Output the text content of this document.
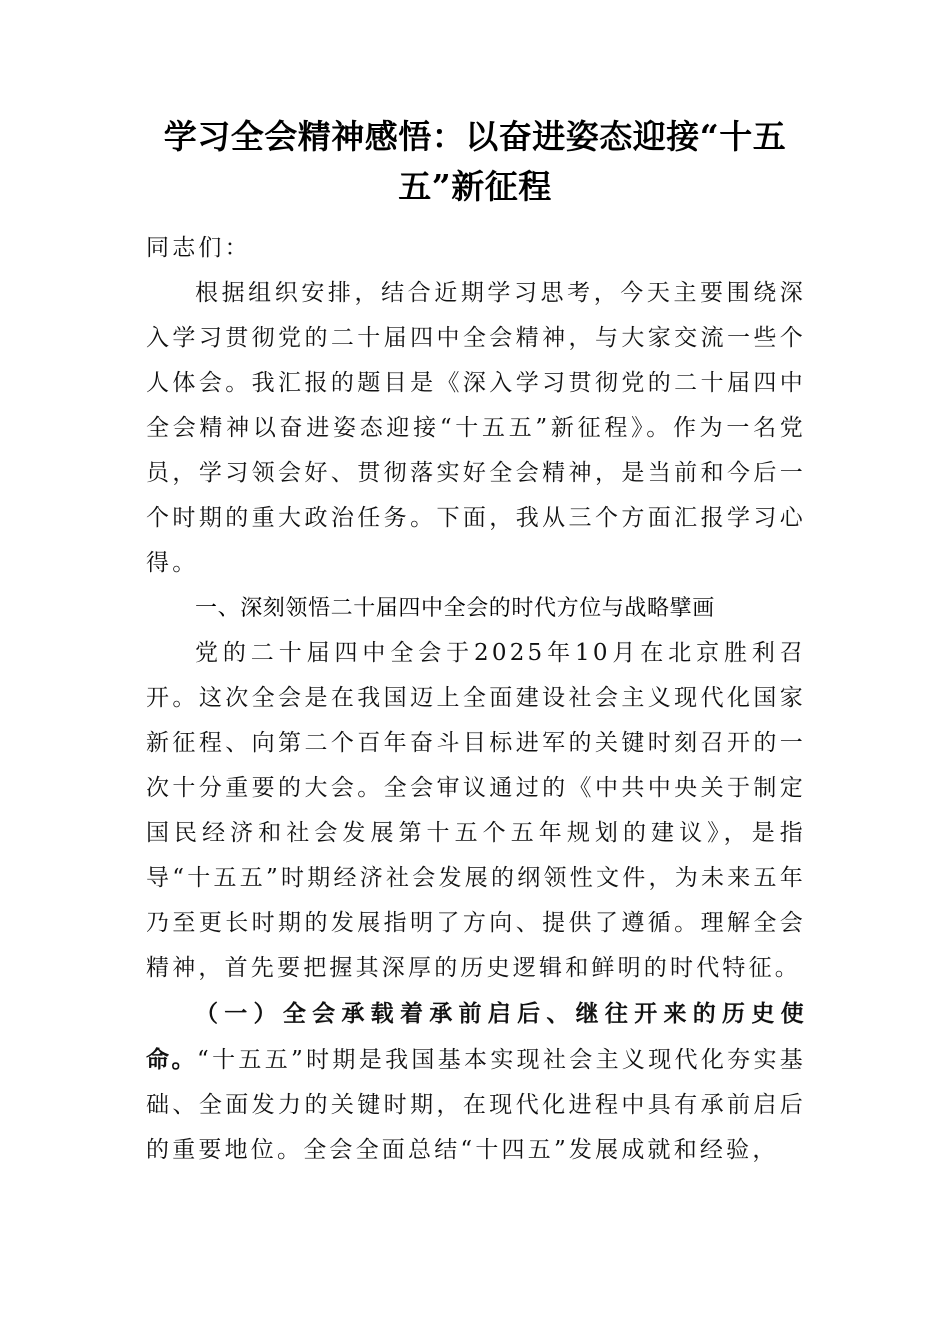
学习全会精神感悟：以奋进姿态迎接“十五五”新征程

同志们：

根据组织安排，结合近期学习思考，今天主要围绕深入学习贯彻党的二十届四中全会精神，与大家交流一些个人体会。我汇报的题目是《深入学习贯彻党的二十届四中全会精神以奋进姿态迎接“十五五”新征程》。作为一名党员，学习领会好、贯彻落实好全会精神，是当前和今后一个时期的重大政治任务。下面，我从三个方面汇报学习心得。

一、深刻领悟二十届四中全会的时代方位与战略擘画

党的二十届四中全会于2025年10月在北京胜利召开。这次全会是在我国迈上全面建设社会主义现代化国家新征程、向第二个百年奋斗目标进军的关键时刻召开的一次十分重要的大会。全会审议通过的《中共中央关于制定国民经济和社会发展第十五个五年规划的建议》，是指导“十五五”时期经济社会发展的纲领性文件，为未来五年乃至更长时期的发展指明了方向、提供了遵循。理解全会精神，首先要把握其深厚的历史逻辑和鲜明的时代特征。

（一）全会承载着承前启后、继往开来的历史使命。“十五五”时期是我国基本实现社会主义现代化夯实基础、全面发力的关键时期，在现代化进程中具有承前启后的重要地位。全会全面总结“十四五”发展成就和经验，
